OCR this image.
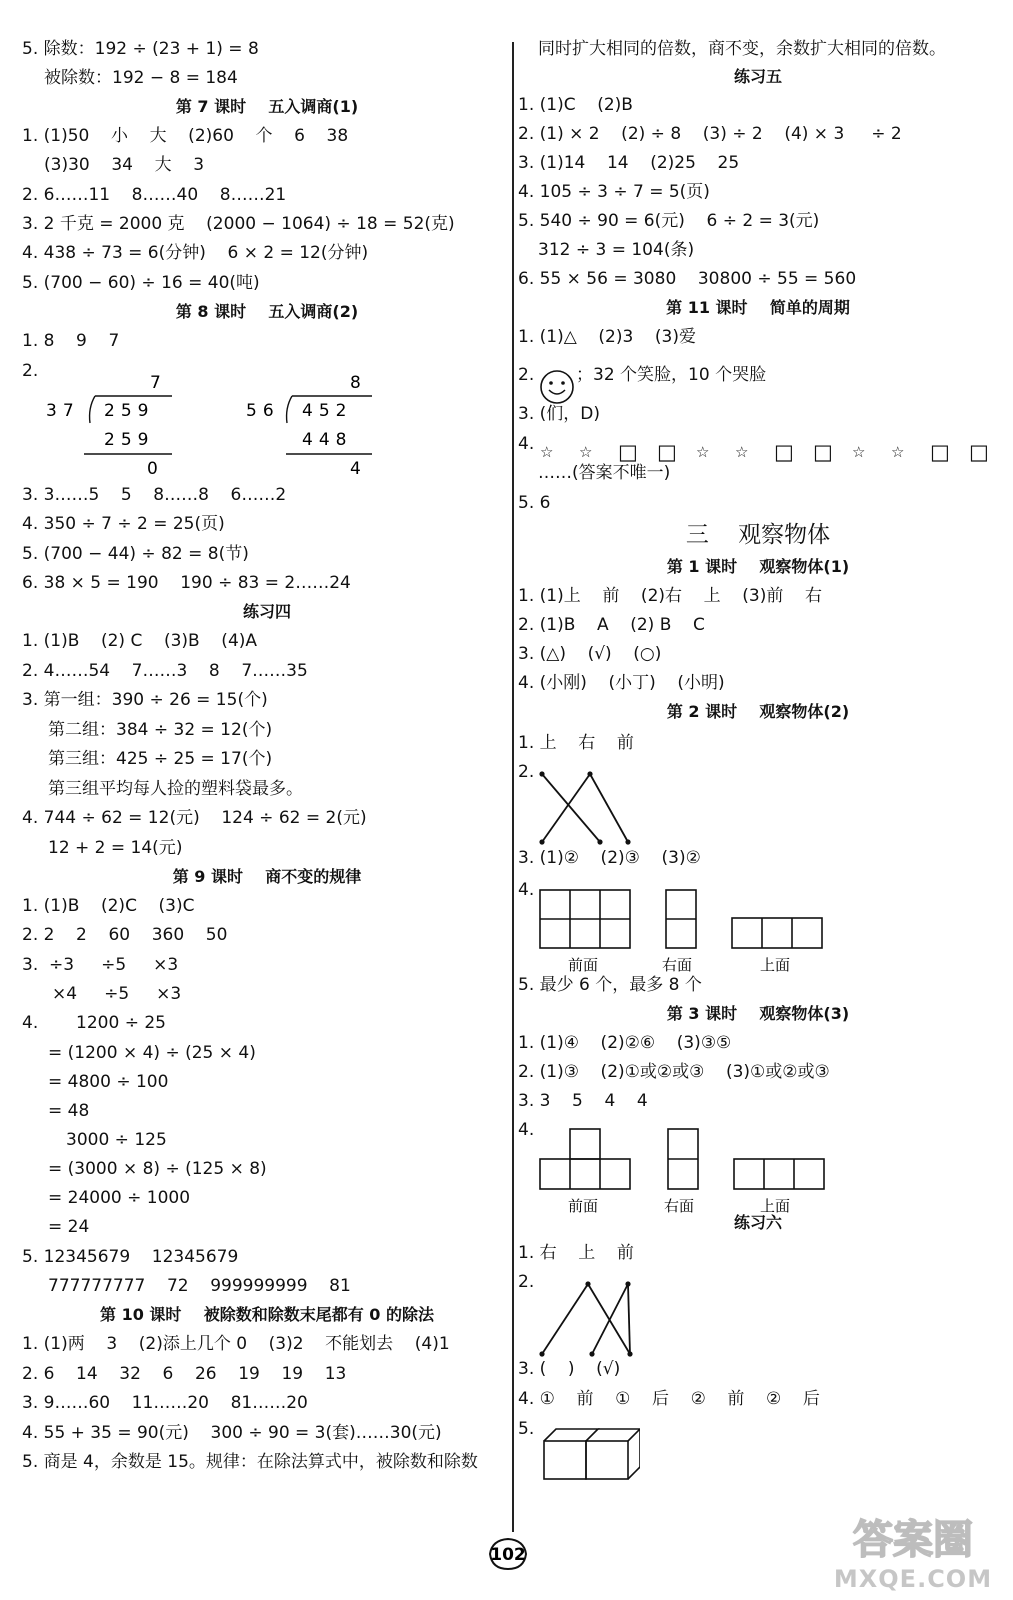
5. 除数：192 ÷ (23 + 1) = 8
被除数：192 − 8 = 184
第 7 课时    五入调商(1)
1. (1)50    小    大    (2)60    个    6    38
(3)30    34    大    3
2. 6……11    8……40    8……21
3. 2 千克 = 2000 克    (2000 − 1064) ÷ 18 = 52(克)
4. 438 ÷ 73 = 6(分钟)    6 × 2 = 12(分钟)
5. (700 − 60) ÷ 16 = 40(吨)
第 8 课时    五入调商(2)
1. 8    9    7
2.
3. 3……5    5    8……8    6……2
4. 350 ÷ 7 ÷ 2 = 25(页)
5. (700 − 44) ÷ 82 = 8(节)
6. 38 × 5 = 190    190 ÷ 83 = 2……24
练习四
1. (1)B    (2) C    (3)B    (4)A
2. 4……54    7……3    8    7……35
3. 第一组：390 ÷ 26 = 15(个)
第二组：384 ÷ 32 = 12(个)
第三组：425 ÷ 25 = 17(个)
第三组平均每人捡的塑料袋最多。
4. 744 ÷ 62 = 12(元)    124 ÷ 62 = 2(元)
12 + 2 = 14(元)
第 9 课时    商不变的规律
1. (1)B    (2)C    (3)C
2. 2    2    60    360    50
3.  ÷3     ÷5     ×3
×4     ÷5     ×3
4.       1200 ÷ 25
= (1200 × 4) ÷ (25 × 4)
= 4800 ÷ 100
= 48
3000 ÷ 125
= (3000 × 8) ÷ (125 × 8)
= 24000 ÷ 1000
= 24
5. 12345679    12345679
777777777    72    999999999    81
第 10 课时    被除数和除数末尾都有 0 的除法
1. (1)两    3    (2)添上几个 0    (3)2    不能划去    (4)1
2. 6    14    32    6    26    19    19    13
3. 9……60    11……20    81……20
4. 55 + 35 = 90(元)    300 ÷ 90 = 3(套)……30(元)
5. 商是 4，余数是 15。规律：在除法算式中，被除数和除数
同时扩大相同的倍数，商不变，余数扩大相同的倍数。
练习五
1. (1)C    (2)B
2. (1) × 2    (2) ÷ 8    (3) ÷ 2    (4) × 3     ÷ 2
3. (1)14    14    (2)25    25
4. 105 ÷ 3 ÷ 7 = 5(页)
5. 540 ÷ 90 = 6(元)    6 ÷ 2 = 3(元)
312 ÷ 3 = 104(条)
6. 55 × 56 = 3080    30800 ÷ 55 = 560
第 11 课时    简单的周期
1. (1)△    (2)3    (3)爱
2. ；32 个笑脸，10 个哭脸
3. (们，D)
4.
……(答案不唯一)
5. 6
三    观察物体
第 1 课时    观察物体(1)
1. (1)上    前    (2)右    上    (3)前    右
2. (1)B    A    (2) B    C
3. (△)    (√)    (○)
4. (小刚)    (小丁)    (小明)
第 2 课时    观察物体(2)
1. 上    右    前
2.
3. (1)②    (2)③    (3)②
4.
5. 最少 6 个，最多 8 个
第 3 课时    观察物体(3)
1. (1)④    (2)②⑥    (3)③⑤
2. (1)③    (2)①或②或③    (3)①或②或③
3. 3    5    4    4
4.
练习六
1. 右    上    前
2.
3. (    )    (√)
4. ①    前    ①    后    ②    前    ②    后
5.
7
37 259
259
0
8
56 452
448
4
☆ ☆ □ □ ☆ ☆ □ □ ☆ ☆ □ □
前面	右面	上面
前面	右面	上面
102	答案圈
MXQE.COM
